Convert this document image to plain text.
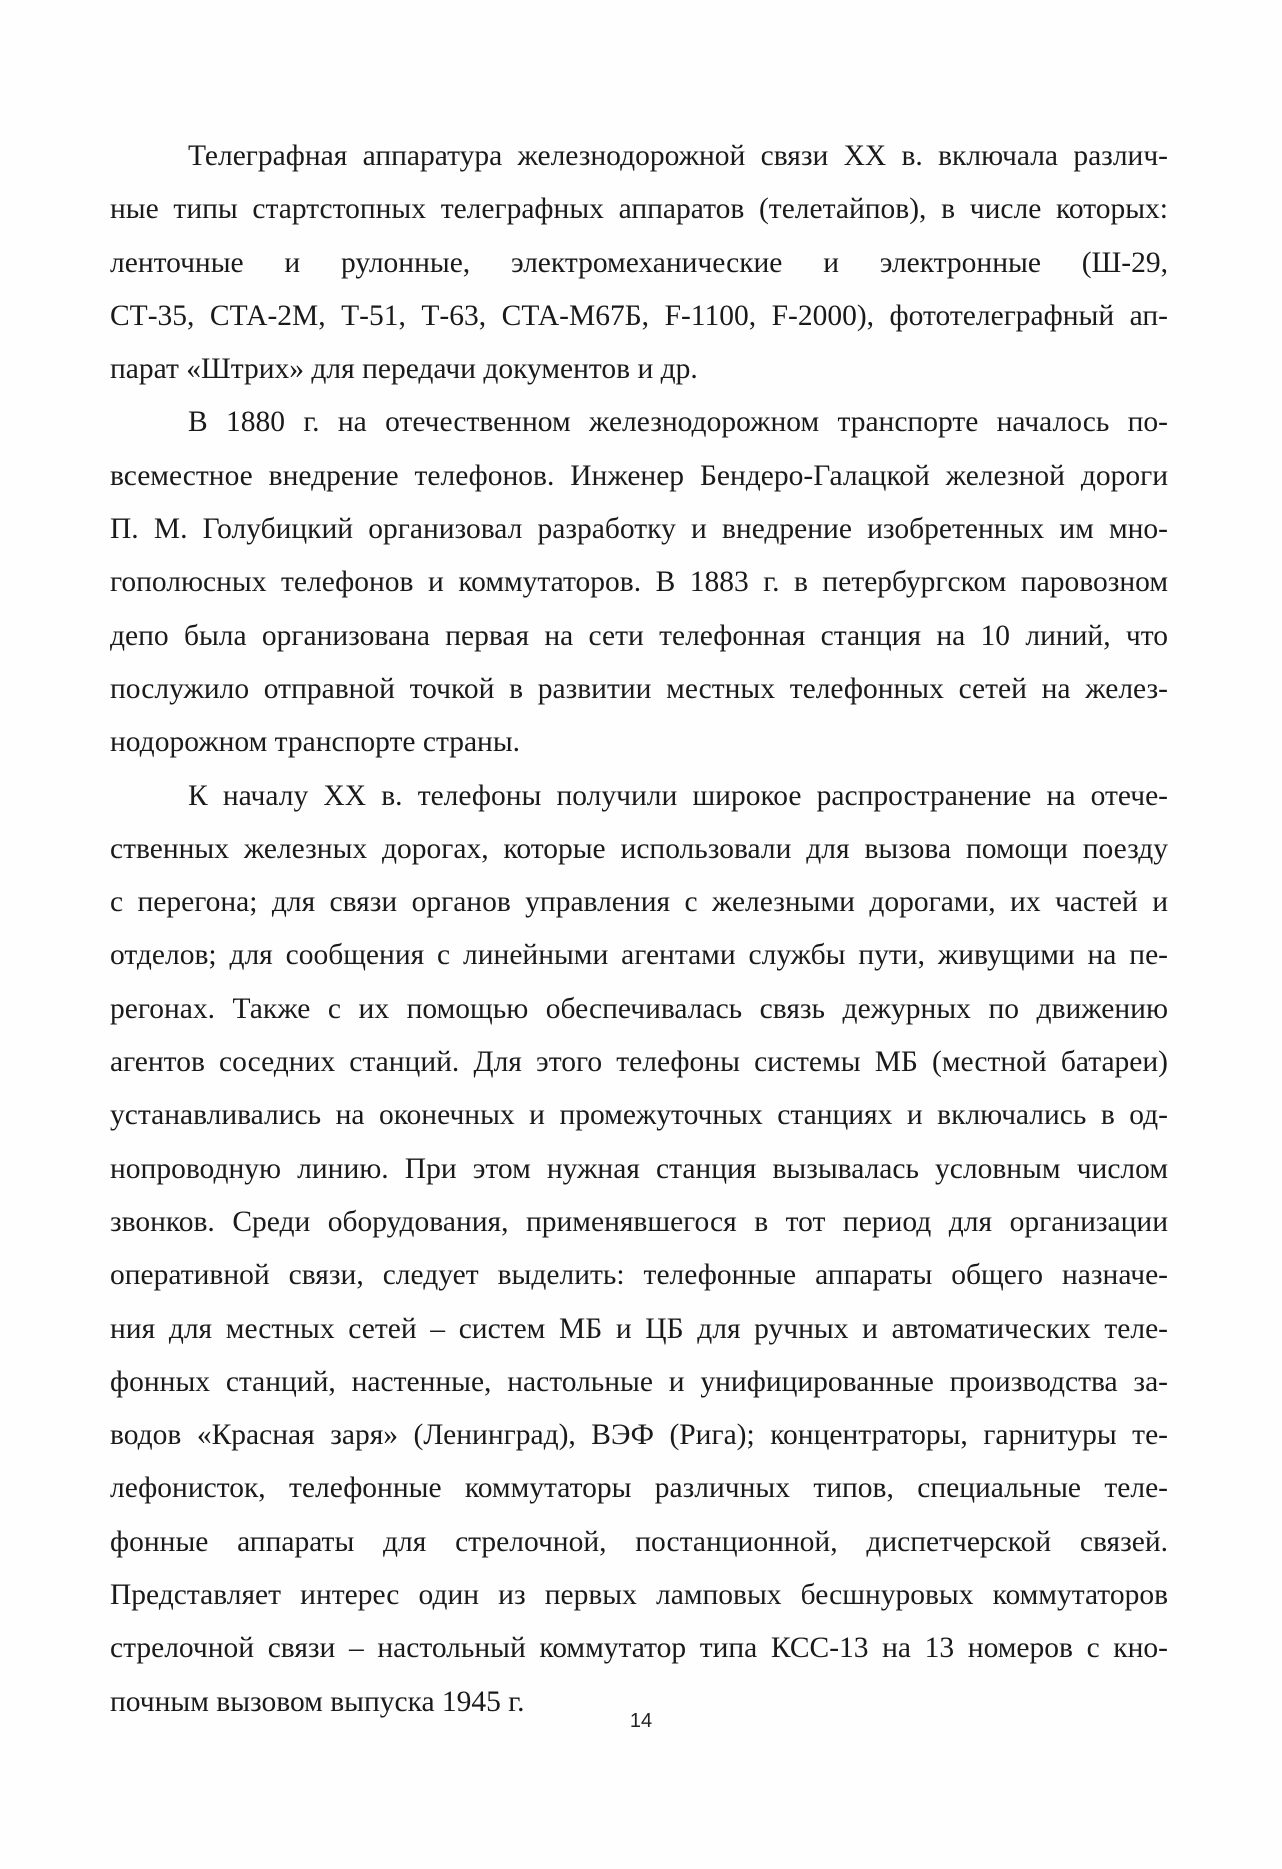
Телеграфная аппаратура железнодорожной связи XX в. включала различ-
ные типы стартстопных телеграфных аппаратов (телетайпов), в числе которых:
ленточные и рулонные, электромеханические и электронные (Ш-29,
СТ-35, СТА-2М, Т-51, Т-63, СТА-М67Б, F-1100, F-2000), фототелеграфный ап-
парат «Штрих» для передачи документов и др.
В 1880 г. на отечественном железнодорожном транспорте началось по-
всеместное внедрение телефонов. Инженер Бендеро-Галацкой железной дороги
П. М. Голубицкий организовал разработку и внедрение изобретенных им мно-
гополюсных телефонов и коммутаторов. В 1883 г. в петербургском паровозном
депо была организована первая на сети телефонная станция на 10 линий, что
послужило отправной точкой в развитии местных телефонных сетей на желез-
нодорожном транспорте страны.
К началу XX в. телефоны получили широкое распространение на отече-
ственных железных дорогах, которые использовали для вызова помощи поезду
с перегона; для связи органов управления с железными дорогами, их частей и
отделов; для сообщения с линейными агентами службы пути, живущими на пе-
регонах. Также с их помощью обеспечивалась связь дежурных по движению
агентов соседних станций. Для этого телефоны системы МБ (местной батареи)
устанавливались на оконечных и промежуточных станциях и включались в од-
нопроводную линию. При этом нужная станция вызывалась условным числом
звонков. Среди оборудования, применявшегося в тот период для организации
оперативной связи, следует выделить: телефонные аппараты общего назначе-
ния для местных сетей – систем МБ и ЦБ для ручных и автоматических теле-
фонных станций, настенные, настольные и унифицированные производства за-
водов «Красная заря» (Ленинград), ВЭФ (Рига); концентраторы, гарнитуры те-
лефонисток, телефонные коммутаторы различных типов, специальные теле-
фонные аппараты для стрелочной, постанционной, диспетчерской связей.
Представляет интерес один из первых ламповых бесшнуровых коммутаторов
стрелочной связи – настольный коммутатор типа КСС-13 на 13 номеров с кно-
почным вызовом выпуска 1945 г.
14
